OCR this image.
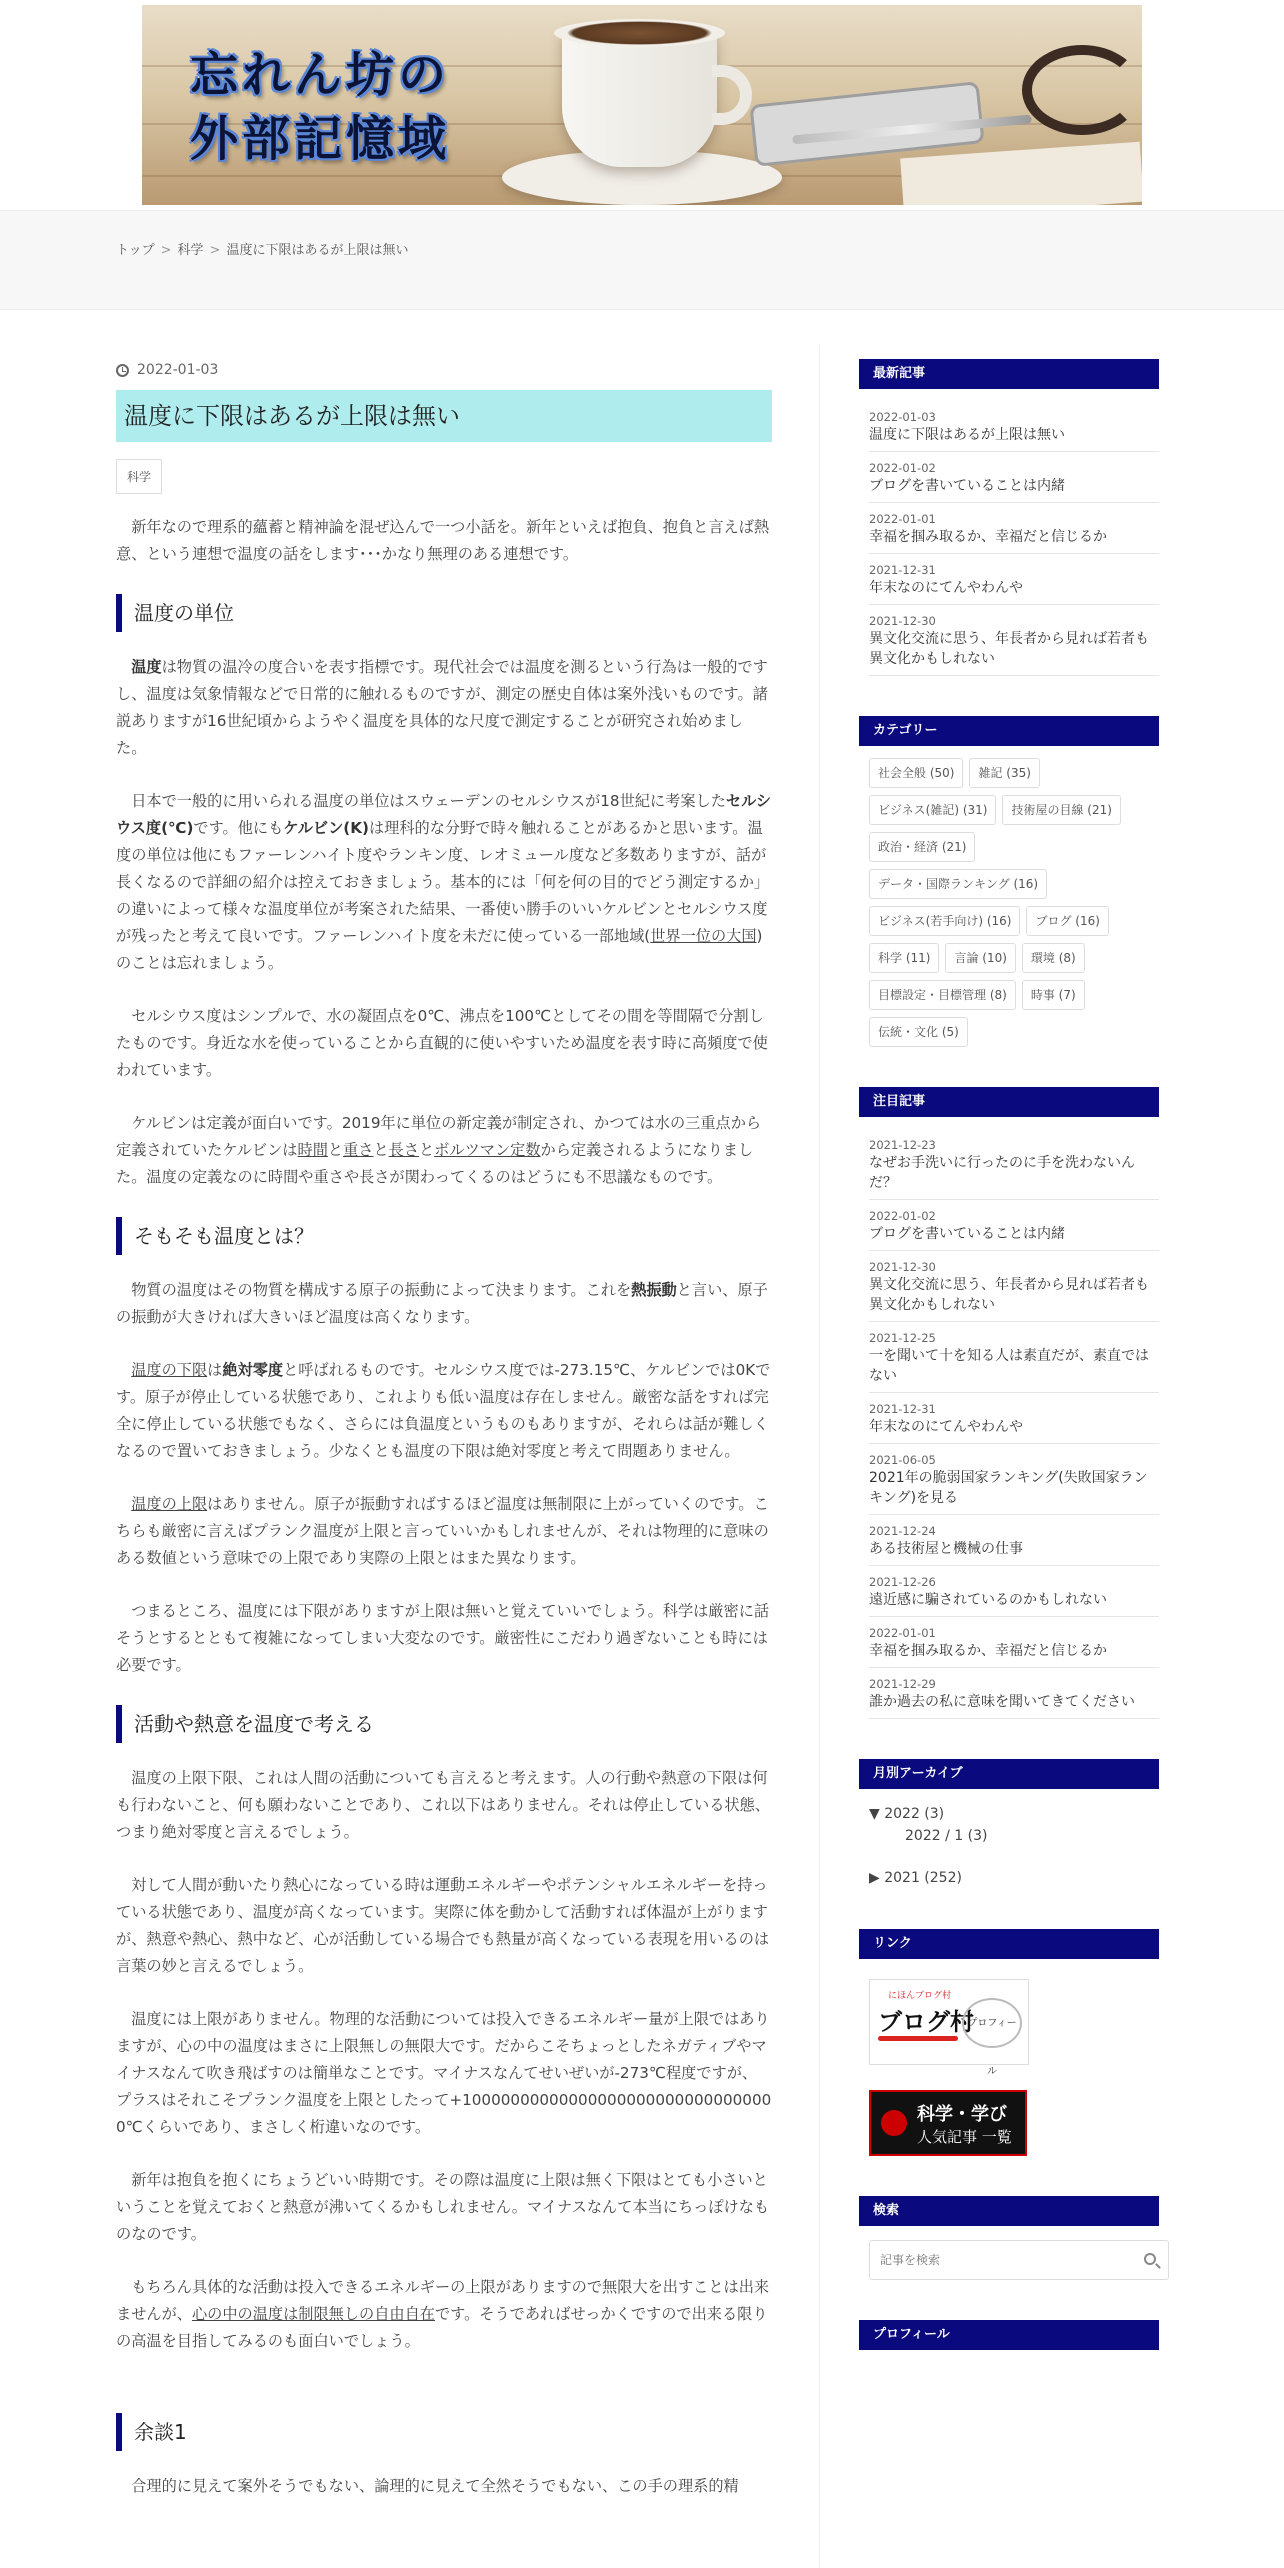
忘れん坊の
外部記憶域
トップ > 科学 > 温度に下限はあるが上限は無い
2022-01-03
温度に下限はあるが上限は無い
科学

新年なので理系的蘊蓄と精神論を混ぜ込んで一つ小話を。新年といえば抱負、抱負と言えば熱意、という連想で温度の話をします･･･かなり無理のある連想です。

温度の単位

温度は物質の温冷の度合いを表す指標です。現代社会では温度を測るという行為は一般的ですし、温度は気象情報などで日常的に触れるものですが、測定の歴史自体は案外浅いものです。諸説ありますが16世紀頃からようやく温度を具体的な尺度で測定することが研究され始めました。

日本で一般的に用いられる温度の単位はスウェーデンのセルシウスが18世紀に考案したセルシウス度(℃)です。他にもケルビン(K)は理科的な分野で時々触れることがあるかと思います。温度の単位は他にもファーレンハイト度やランキン度、レオミュール度など多数ありますが、話が長くなるので詳細の紹介は控えておきましょう。基本的には「何を何の目的でどう測定するか」の違いによって様々な温度単位が考案された結果、一番使い勝手のいいケルビンとセルシウス度が残ったと考えて良いです。ファーレンハイト度を未だに使っている一部地域(世界一位の大国)のことは忘れましょう。

セルシウス度はシンプルで、水の凝固点を0℃、沸点を100℃としてその間を等間隔で分割したものです。身近な水を使っていることから直観的に使いやすいため温度を表す時に高頻度で使われています。

ケルビンは定義が面白いです。2019年に単位の新定義が制定され、かつては水の三重点から定義されていたケルビンは時間と重さと長さとボルツマン定数から定義されるようになりました。温度の定義なのに時間や重さや長さが関わってくるのはどうにも不思議なものです。

そもそも温度とは？

物質の温度はその物質を構成する原子の振動によって決まります。これを熱振動と言い、原子の振動が大きければ大きいほど温度は高くなります。

温度の下限は絶対零度と呼ばれるものです。セルシウス度では-273.15℃、ケルビンでは0Kです。原子が停止している状態であり、これよりも低い温度は存在しません。厳密な話をすれば完全に停止している状態でもなく、さらには負温度というものもありますが、それらは話が難しくなるので置いておきましょう。少なくとも温度の下限は絶対零度と考えて問題ありません。

温度の上限はありません。原子が振動すればするほど温度は無制限に上がっていくのです。こちらも厳密に言えばプランク温度が上限と言っていいかもしれませんが、それは物理的に意味のある数値という意味での上限であり実際の上限とはまた異なります。

つまるところ、温度には下限がありますが上限は無いと覚えていいでしょう。科学は厳密に話そうとするとともて複雑になってしまい大変なのです。厳密性にこだわり過ぎないことも時には必要です。

活動や熱意を温度で考える

温度の上限下限、これは人間の活動についても言えると考えます。人の行動や熱意の下限は何も行わないこと、何も願わないことであり、これ以下はありません。それは停止している状態、つまり絶対零度と言えるでしょう。

対して人間が動いたり熱心になっている時は運動エネルギーやポテンシャルエネルギーを持っている状態であり、温度が高くなっています。実際に体を動かして活動すれば体温が上がりますが、熱意や熱心、熱中など、心が活動している場合でも熱量が高くなっている表現を用いるのは言葉の妙と言えるでしょう。

温度には上限がありません。物理的な活動については投入できるエネルギー量が上限ではありますが、心の中の温度はまさに上限無しの無限大です。だからこそちょっとしたネガティブやマイナスなんて吹き飛ばすのは簡単なことです。マイナスなんてせいぜいが-273℃程度ですが、プラスはそれこそプランク温度を上限としたって+100000000000000000000000000000000℃くらいであり、まさしく桁違いなのです。

新年は抱負を抱くにちょうどいい時期です。その際は温度に上限は無く下限はとても小さいということを覚えておくと熱意が沸いてくるかもしれません。マイナスなんて本当にちっぽけなものなのです。

もちろん具体的な活動は投入できるエネルギーの上限がありますので無限大を出すことは出来ませんが、心の中の温度は制限無しの自由自在です。そうであればせっかくですので出来る限りの高温を目指してみるのも面白いでしょう。

余談1

合理的に見えて案外そうでもない、論理的に見えて全然そうでもない、この手の理系的精

最新記事
2022-01-03
温度に下限はあるが上限は無い
2022-01-02
ブログを書いていることは内緒
2022-01-01
幸福を掴み取るか、幸福だと信じるか
2021-12-31
年末なのにてんやわんや
2021-12-30
異文化交流に思う、年長者から見れば若者も異文化かもしれない
カテゴリー
社会全般 (50)	雑記 (35)
ビジネス(雑記) (31)	技術屋の目線 (21)
政治・経済 (21)
データ・国際ランキング (16)
ビジネス(若手向け) (16)	ブログ (16)
科学 (11)	言論 (10)	環境 (8)
目標設定・目標管理 (8)	時事 (7)
伝統・文化 (5)
注目記事
2021-12-23
なぜお手洗いに行ったのに手を洗わないんだ？
2022-01-02
ブログを書いていることは内緒
2021-12-30
異文化交流に思う、年長者から見れば若者も異文化かもしれない
2021-12-25
一を聞いて十を知る人は素直だが、素直ではない
2021-12-31
年末なのにてんやわんや
2021-06-05
2021年の脆弱国家ランキング(失敗国家ランキング)を見る
2021-12-24
ある技術屋と機械の仕事
2021-12-26
遠近感に騙されているのかもしれない
2022-01-01
幸福を掴み取るか、幸福だと信じるか
2021-12-29
誰か過去の私に意味を聞いてきてください
月別アーカイブ
▼ 2022 (3)
2022 / 1 (3)
▶ 2021 (252)
リンク
にほんブログ村
ブログ村
プロフィール
科学・学び
人気記事 一覧
検索
記事を検索
プロフィール
